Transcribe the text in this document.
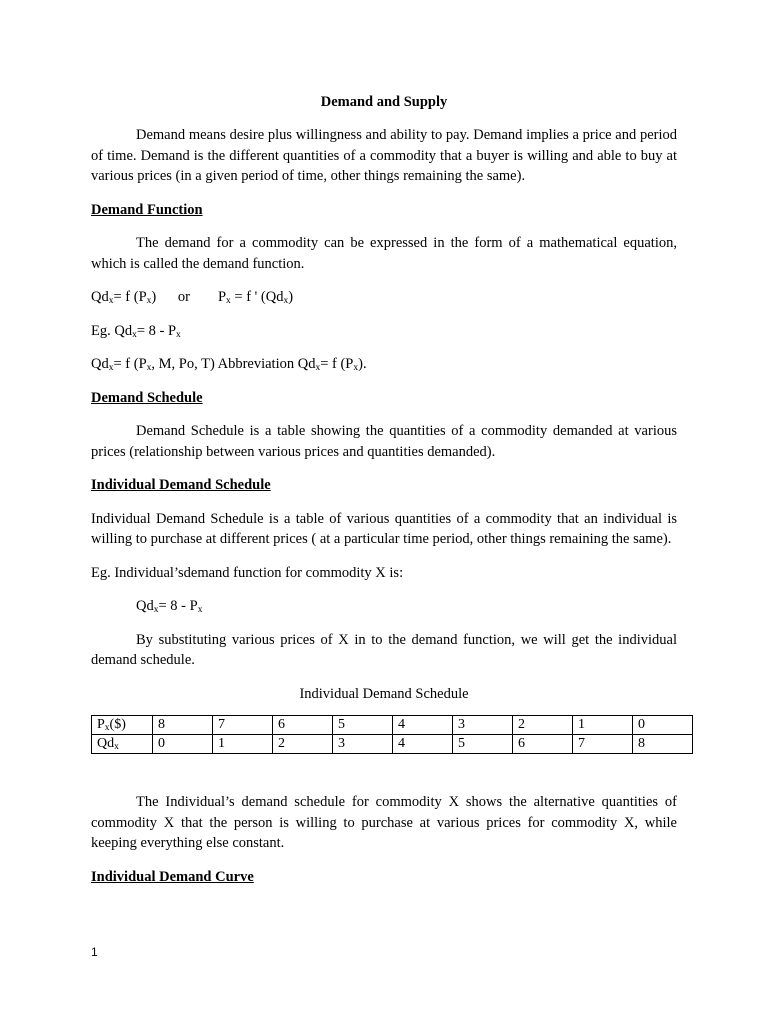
Demand and Supply

Demand means desire plus willingness and ability to pay. Demand implies a price and period of time. Demand is the different quantities of a commodity that a buyer is willing and able to buy at various prices (in a given period of time, other things remaining the same).

Demand Function

The demand for a commodity can be expressed in the form of a mathematical equation, which is called the demand function.

$Qd_x= f$ $(P_x)$ or $P_x = f$ ' $(Qd_x)$

Eg. $Qd_x= 8 - P_x$

$Qd_x= f$ ($P_x$, M, Po, T) Abbreviation $Qd_x= f$ $(P_x)$.

Demand Schedule

Demand Schedule is a table showing the quantities of a commodity demanded at various prices (relationship between various prices and quantities demanded).

Individual Demand Schedule

Individual Demand Schedule is a table of various quantities of a commodity that an individual is willing to purchase at different prices ( at a particular time period, other things remaining the same).

Eg. Individual’sdemand function for commodity X is:

$Qd_x= 8 - P_x$

By substituting various prices of X in to the demand function, we will get the individual demand schedule.

Individual Demand Schedule

$P_x(\$)$	8	7	6	5	4	3	2	1	0
$Qd_x$	0	1	2	3	4	5	6	7	8

The Individual’s demand schedule for commodity X shows the alternative quantities of commodity X that the person is willing to purchase at various prices for commodity X, while keeping everything else constant.

Individual Demand Curve

1
